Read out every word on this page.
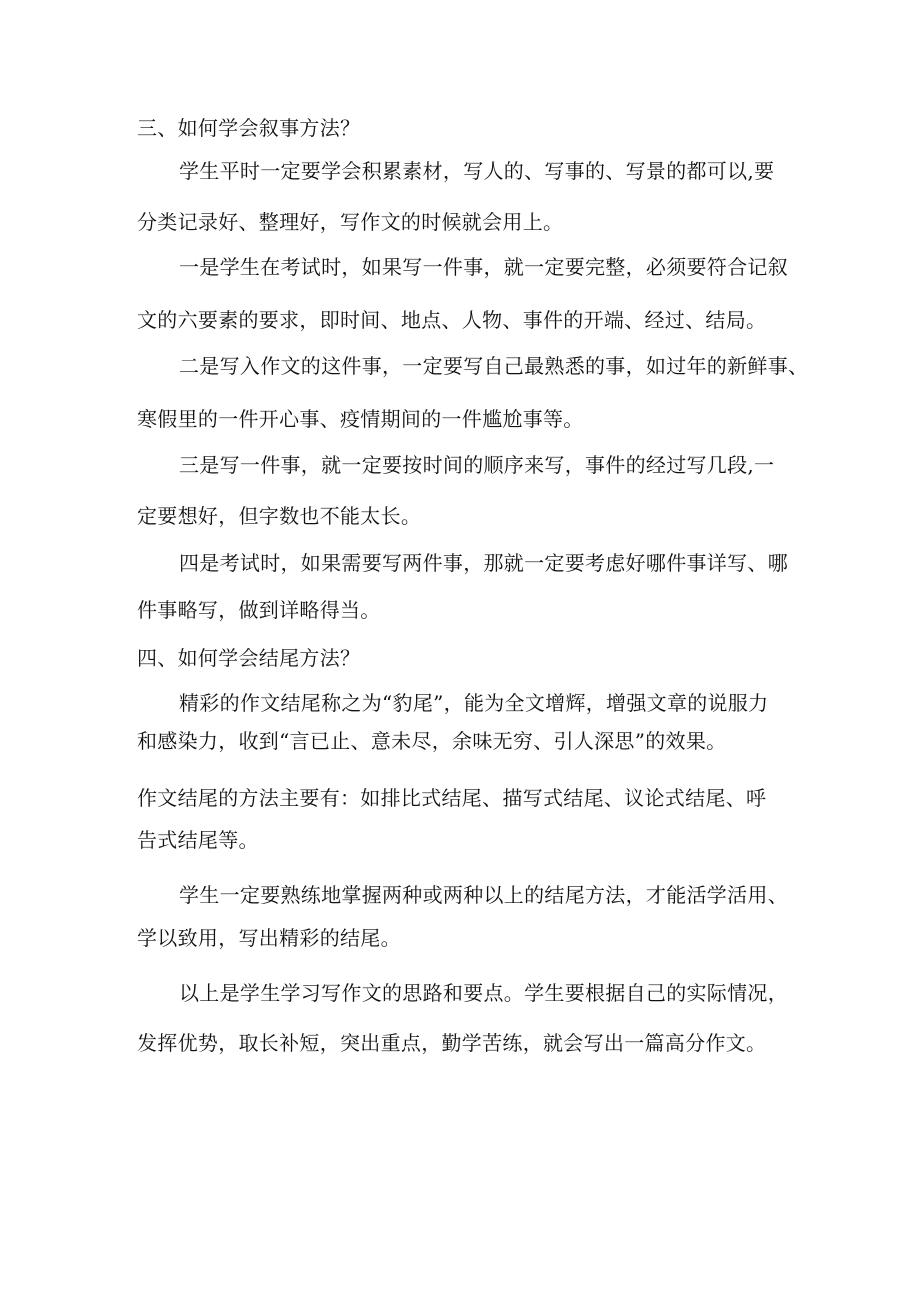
三、如何学会叙事方法？
学生平时一定要学会积累素材，写人的、写事的、写景的都可以,要
分类记录好、整理好，写作文的时候就会用上。
一是学生在考试时，如果写一件事，就一定要完整，必须要符合记叙
文的六要素的要求，即时间、地点、人物、事件的开端、经过、结局。
二是写入作文的这件事，一定要写自己最熟悉的事，如过年的新鲜事、
寒假里的一件开心事、疫情期间的一件尴尬事等。
三是写一件事，就一定要按时间的顺序来写，事件的经过写几段,一
定要想好，但字数也不能太长。
四是考试时，如果需要写两件事，那就一定要考虑好哪件事详写、哪
件事略写，做到详略得当。
四、如何学会结尾方法？
精彩的作文结尾称之为“豹尾”，能为全文增辉，增强文章的说服力
和感染力，收到“言已止、意未尽，余味无穷、引人深思”的效果。
作文结尾的方法主要有：如排比式结尾、描写式结尾、议论式结尾、呼
告式结尾等。
学生一定要熟练地掌握两种或两种以上的结尾方法，才能活学活用、
学以致用，写出精彩的结尾。
以上是学生学习写作文的思路和要点。学生要根据自己的实际情况，
发挥优势，取长补短，突出重点，勤学苦练，就会写出一篇高分作文。
